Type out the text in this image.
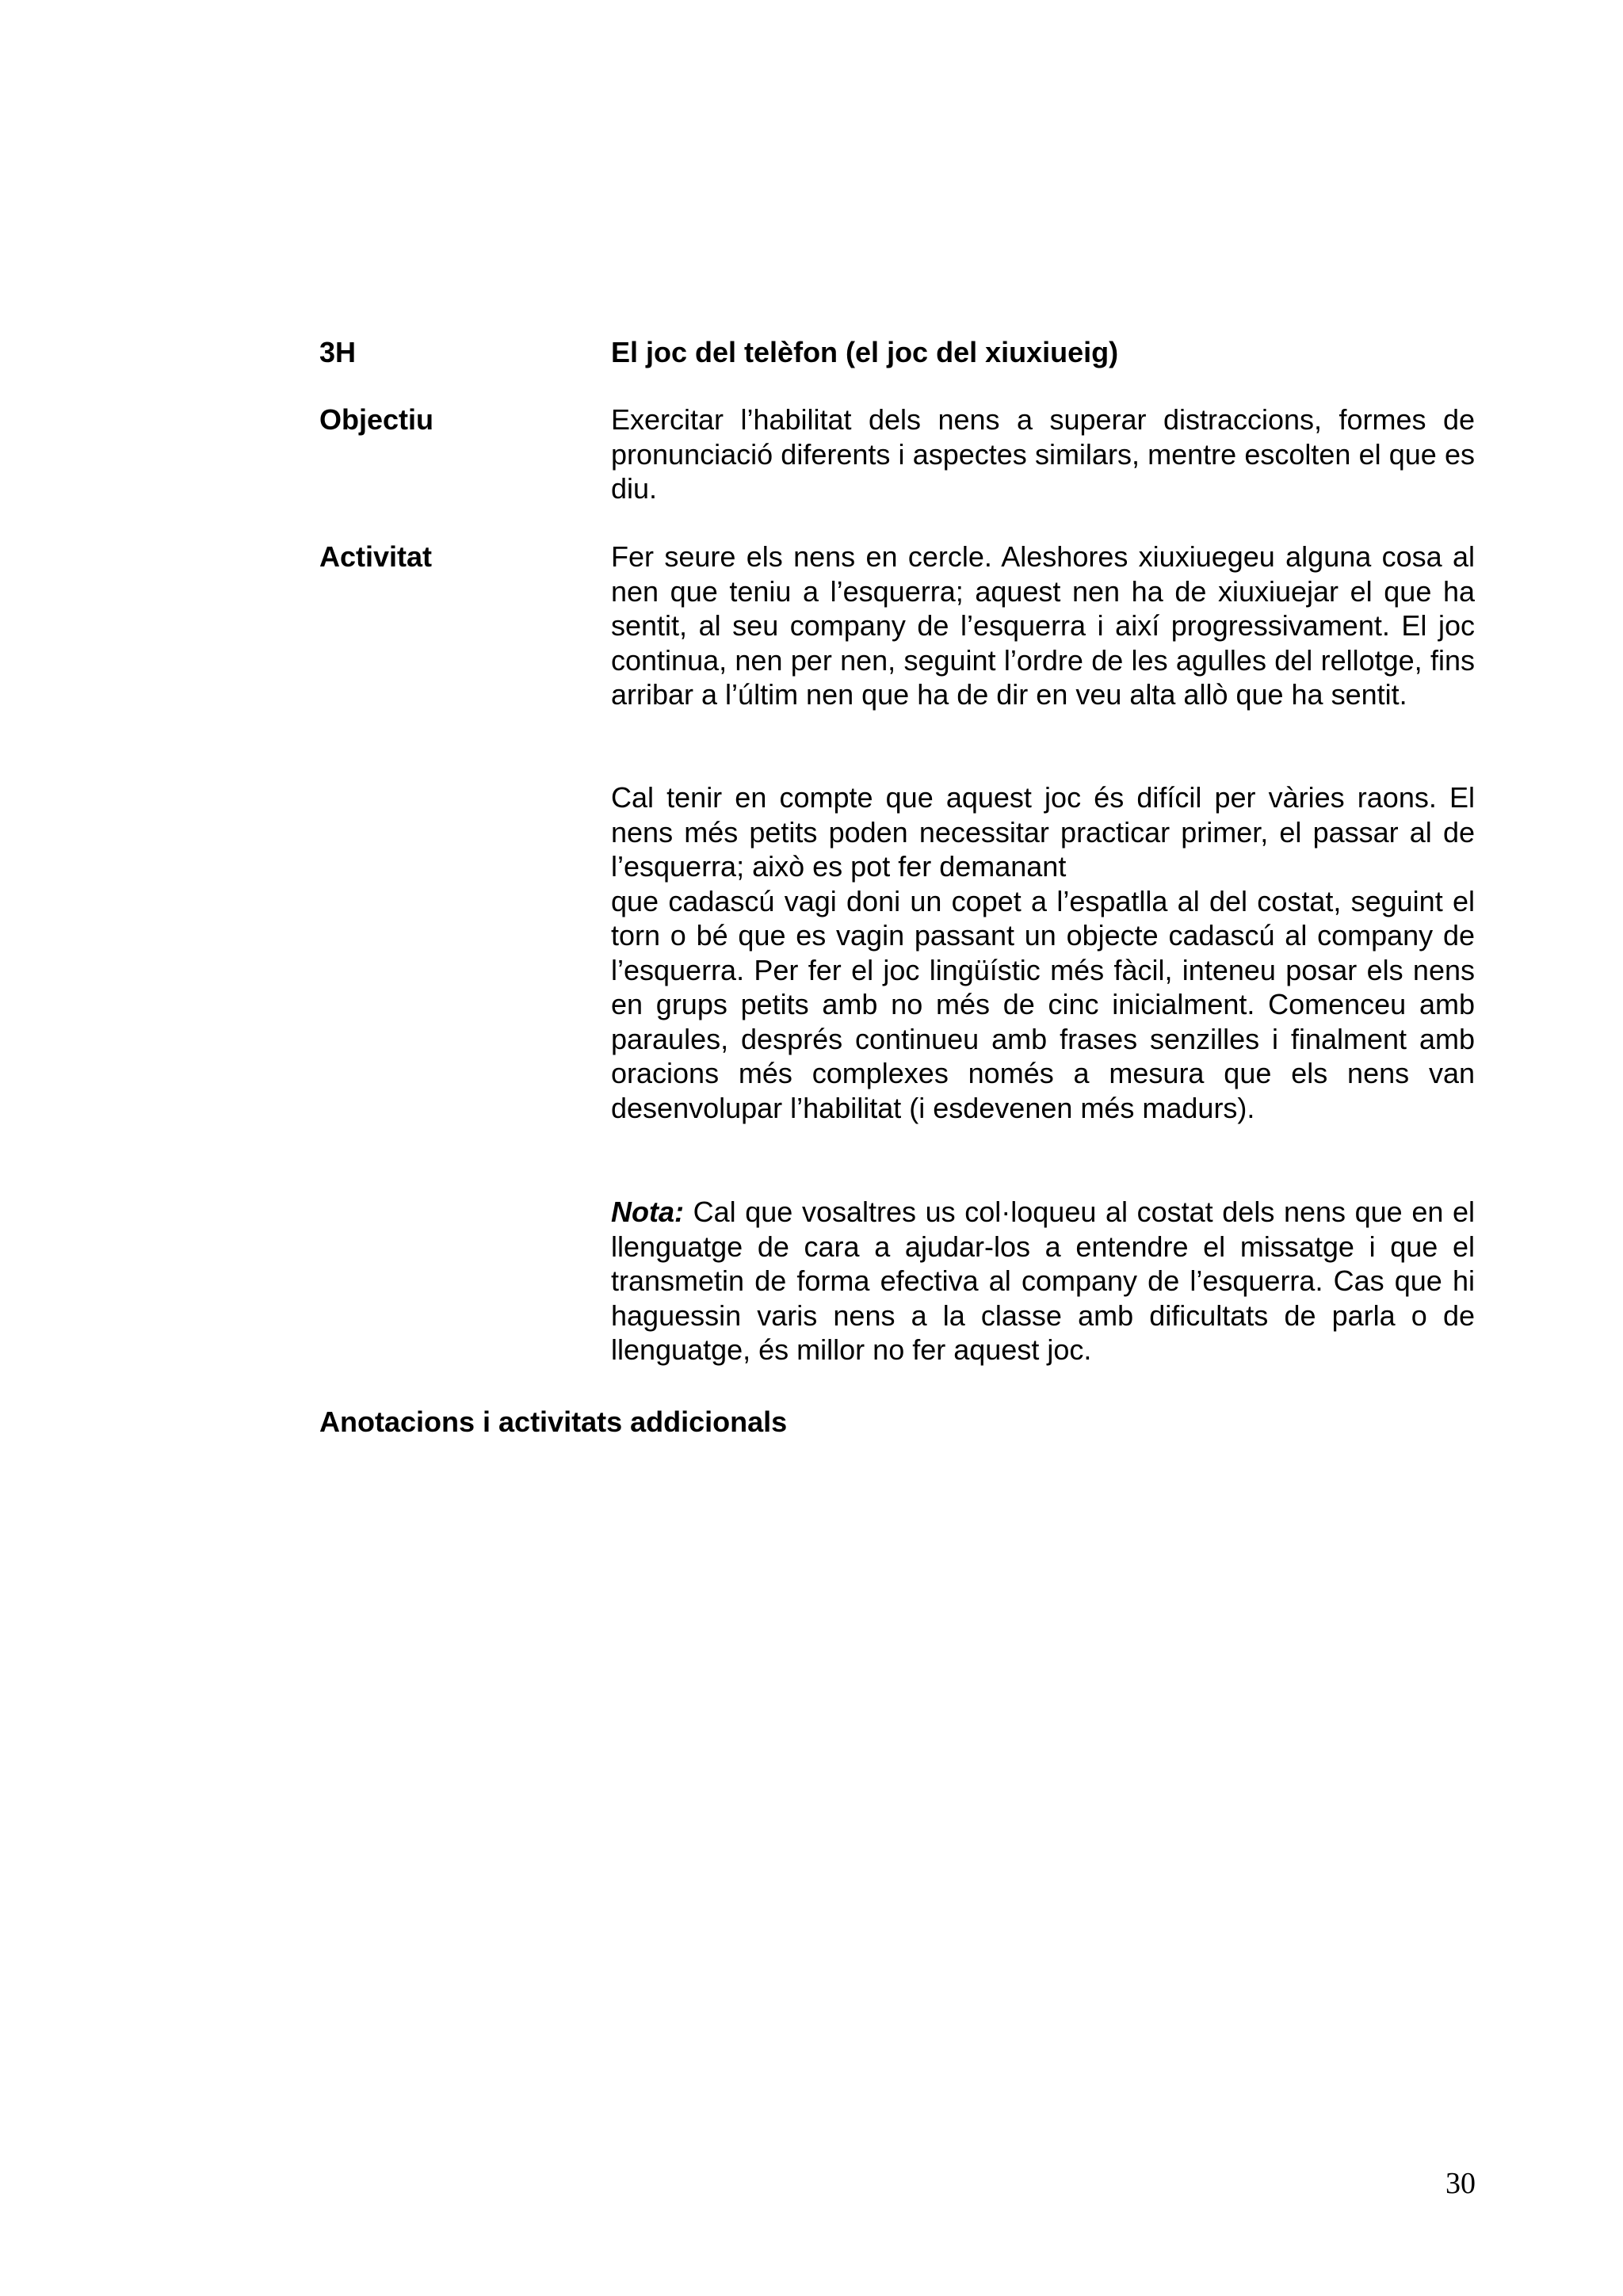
3H	El joc del telèfon (el joc del xiuxiueig)

Objectiu	Exercitar l’habilitat dels nens a superar distraccions, formes de pronunciació diferents i aspectes similars, mentre escolten el que es diu.

Activitat	Fer seure els nens en cercle. Aleshores xiuxiuegeu alguna cosa al nen que teniu a l’esquerra; aquest nen ha de xiuxiuejar el que ha sentit, al seu company de l’esquerra i així progressivament. El joc continua, nen per nen, seguint l’ordre de les agulles del rellotge, fins arribar a l’últim nen que ha de dir en veu alta allò que ha sentit.

Cal tenir en compte que aquest joc és difícil per vàries raons. El nens més petits poden necessitar practicar primer, el passar al de l’esquerra; això es pot fer demanant

que cadascú vagi doni un copet a l’espatlla al del costat, seguint el torn o bé que es vagin passant un objecte cadascú al company de l’esquerra. Per fer el joc lingüístic més fàcil, inteneu posar els nens en grups petits amb no més de cinc inicialment. Comenceu amb paraules, després continueu amb frases senzilles i finalment amb oracions més complexes només a mesura que els nens van desenvolupar l’habilitat (i esdevenen més madurs).

Nota: Cal que vosaltres us col·loqueu al costat dels nens que en el llenguatge de cara a ajudar-los a entendre el missatge i que el transmetin de forma efectiva al company de l’esquerra. Cas que hi haguessin varis nens a la classe amb dificultats de parla o de llenguatge, és millor no fer aquest joc.

Anotacions i activitats addicionals

30
